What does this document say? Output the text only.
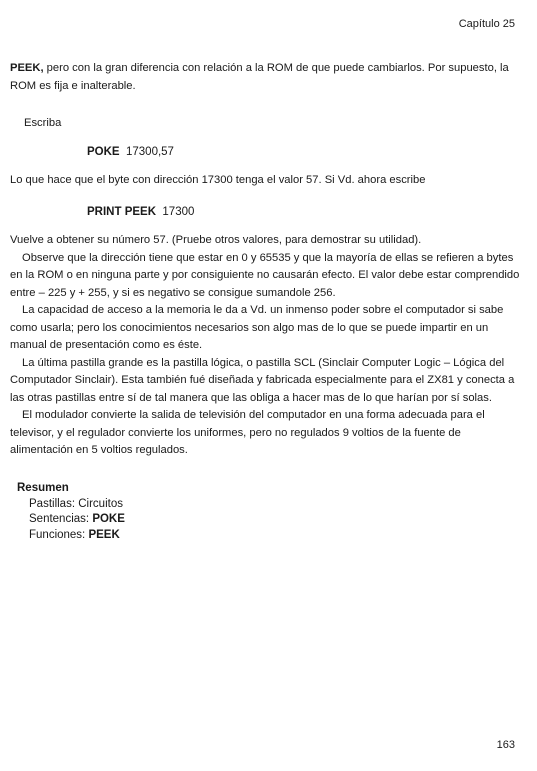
Capítulo 25

PEEK, pero con la gran diferencia con relación a la ROM de que puede cambiarlos. Por supuesto, la ROM es fija e inalterable.

Escriba
POKE 17300,57
Lo que hace que el byte con dirección 17300 tenga el valor 57. Si Vd. ahora escribe
PRINT PEEK 17300

Vuelve a obtener su número 57. (Pruebe otros valores, para demostrar su utilidad).

Observe que la dirección tiene que estar en 0 y 65535 y que la mayoría de ellas se refieren a bytes en la ROM o en ninguna parte y por consiguiente no causarán efecto. El valor debe estar comprendido entre – 225 y + 255, y si es negativo se consigue sumandole 256.

La capacidad de acceso a la memoria le da a Vd. un inmenso poder sobre el computador si sabe como usarla; pero los conocimientos necesarios son algo mas de lo que se puede impartir en un manual de presentación como es éste.

La última pastilla grande es la pastilla lógica, o pastilla SCL (Sinclair Computer Logic – Lógica del Computador Sinclair). Esta también fué diseñada y fabricada especialmente para el ZX81 y conecta a las otras pastillas entre sí de tal manera que las obliga a hacer mas de lo que harían por sí solas.

El modulador convierte la salida de televisión del computador en una forma adecuada para el televisor, y el regulador convierte los uniformes, pero no regulados 9 voltios de la fuente de alimentación en 5 voltios regulados.

Resumen
Pastillas: Circuitos
Sentencias: POKE
Funciones: PEEK
163
